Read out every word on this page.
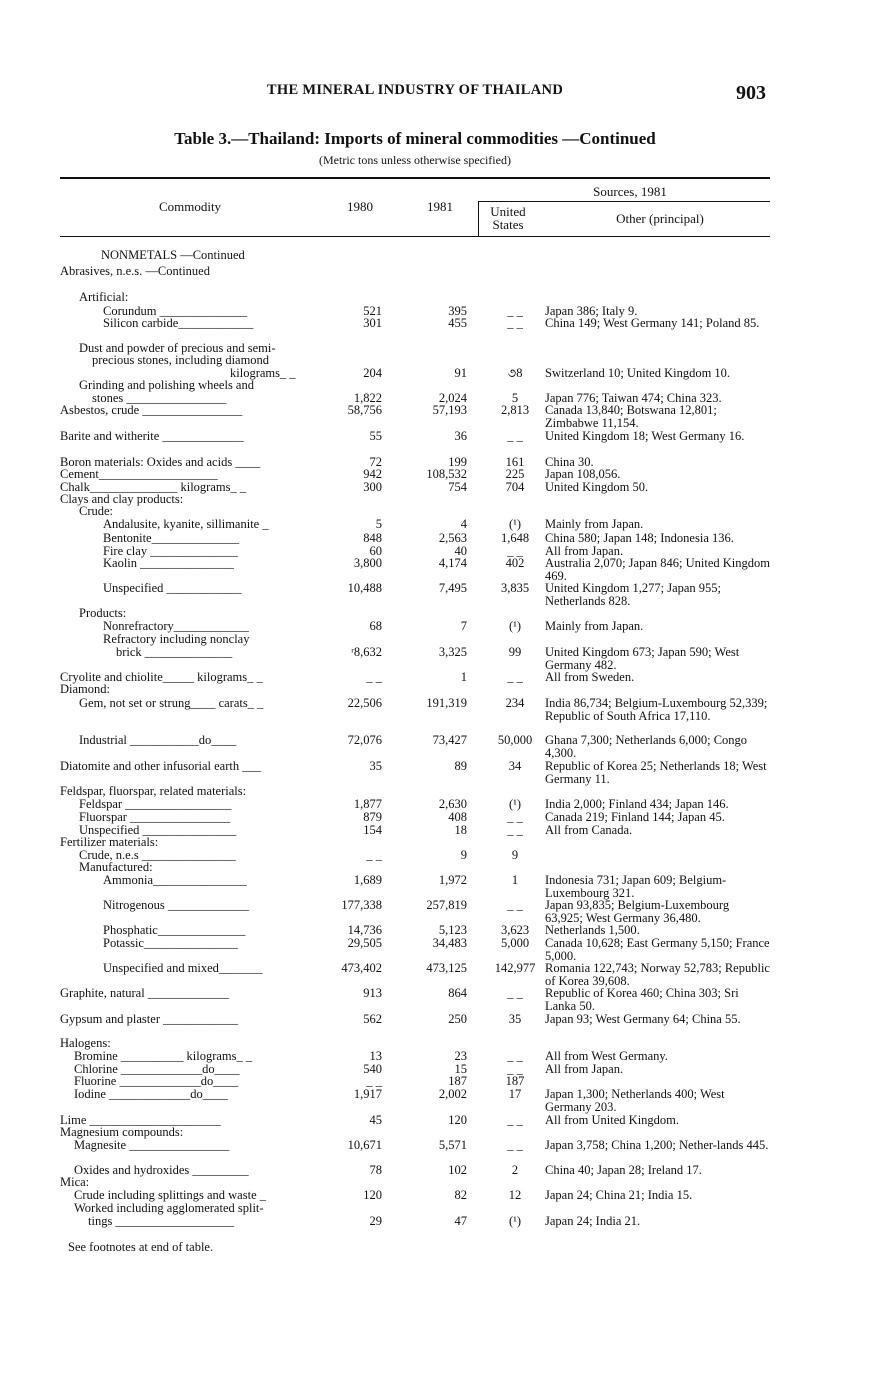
THE MINERAL INDUSTRY OF THAILAND	903
Table 3.—Thailand: Imports of mineral commodities —Continued
(Metric tons unless otherwise specified)
Commodity	1980	1981
Sources, 1981
United
States	Other (principal)
NONMETALS —Continued
Abrasives, n.e.s. —Continued
Artificial:
Corundum ______________	521	395	_ _	Japan 386; Italy 9.
Silicon carbide____________	301	455	_ _	China 149; West Germany 141; Poland 85.
Dust and powder of precious and semi-
precious stones, including diamond
kilograms_ _	204	91	૭8	Switzerland 10; United Kingdom 10.
Grinding and polishing wheels and
stones ________________	1,822	2,024	5	Japan 776; Taiwan 474; China 323.
Asbestos, crude ________________	58,756	57,193	2,813	Canada 13,840; Botswana 12,801; Zimbabwe 11,154.
Barite and witherite _____________	55	36	_ _	United Kingdom 18; West Germany 16.
Boron materials: Oxides and acids ____	72	199	161	China 30.
Cement___________________	942	108,532	225	Japan 108,056.
Chalk______________ kilograms_ _	300	754	704	United Kingdom 50.
Clays and clay products:
Crude:
Andalusite, kyanite, sillimanite _	5	4	(¹)	Mainly from Japan.
Bentonite______________	848	2,563	1,648	China 580; Japan 148; Indonesia 136.
Fire clay ______________	60	40	_ _	All from Japan.
Kaolin _______________	3,800	4,174	402	Australia 2,070; Japan 846; United Kingdom 469.
Unspecified ____________	10,488	7,495	3,835	United Kingdom 1,277; Japan 955; Netherlands 828.
Products:
Nonrefractory____________	68	7	(¹)	Mainly from Japan.
Refractory including nonclay
brick ______________	ʳ8,632	3,325	99	United Kingdom 673; Japan 590; West Germany 482.
Cryolite and chiolite_____ kilograms_ _	_ _	1	_ _	All from Sweden.
Diamond:
Gem, not set or strung____ carats_ _	22,506	191,319	234	India 86,734; Belgium-Luxembourg 52,339; Republic of South Africa 17,110.
Industrial ___________do____	72,076	73,427	50,000	Ghana 7,300; Netherlands 6,000; Congo 4,300.
Diatomite and other infusorial earth ___	35	89	34	Republic of Korea 25; Netherlands 18; West Germany 11.
Feldspar, fluorspar, related materials:
Feldspar _________________	1,877	2,630	(¹)	India 2,000; Finland 434; Japan 146.
Fluorspar ________________	879	408	_ _	Canada 219; Finland 144; Japan 45.
Unspecified _______________	154	18	_ _	All from Canada.
Fertilizer materials:
Crude, n.e.s _______________	_ _	9	9
Manufactured:
Ammonia_______________	1,689	1,972	1	Indonesia 731; Japan 609; Belgium-Luxembourg 321.
Nitrogenous _____________	177,338	257,819	_ _	Japan 93,835; Belgium-Luxembourg 63,925; West Germany 36,480.
Phosphatic______________	14,736	5,123	3,623	Netherlands 1,500.
Potassic_______________	29,505	34,483	5,000	Canada 10,628; East Germany 5,150; France 5,000.
Unspecified and mixed_______	473,402	473,125	142,977 Romania 122,743; Norway 52,783; Republic of Korea 39,608.
Graphite, natural _____________	913	864	_ _	Republic of Korea 460; China 303; Sri Lanka 50.
Gypsum and plaster ____________	562	250	35	Japan 93; West Germany 64; China 55.
Halogens:
Bromine __________ kilograms_ _	13	23	_ _	All from West Germany.
Chlorine _____________do____	540	15	_ _	All from Japan.
Fluorine _____________do____	_ _	187	187
Iodine _____________do____	1,917	2,002	17	Japan 1,300; Netherlands 400; West Germany 203.
Lime _____________________	45	120	_ _	All from United Kingdom.
Magnesium compounds:
Magnesite ________________	10,671	5,571	_ _	Japan 3,758; China 1,200; Nether-lands 445.
Oxides and hydroxides _________	78	102	2	China 40; Japan 28; Ireland 17.
Mica:
Crude including splittings and waste _	120	82	12	Japan 24; China 21; India 15.
Worked including agglomerated split-
tings ___________________	29	47	(¹)	Japan 24; India 21.
See footnotes at end of table.
